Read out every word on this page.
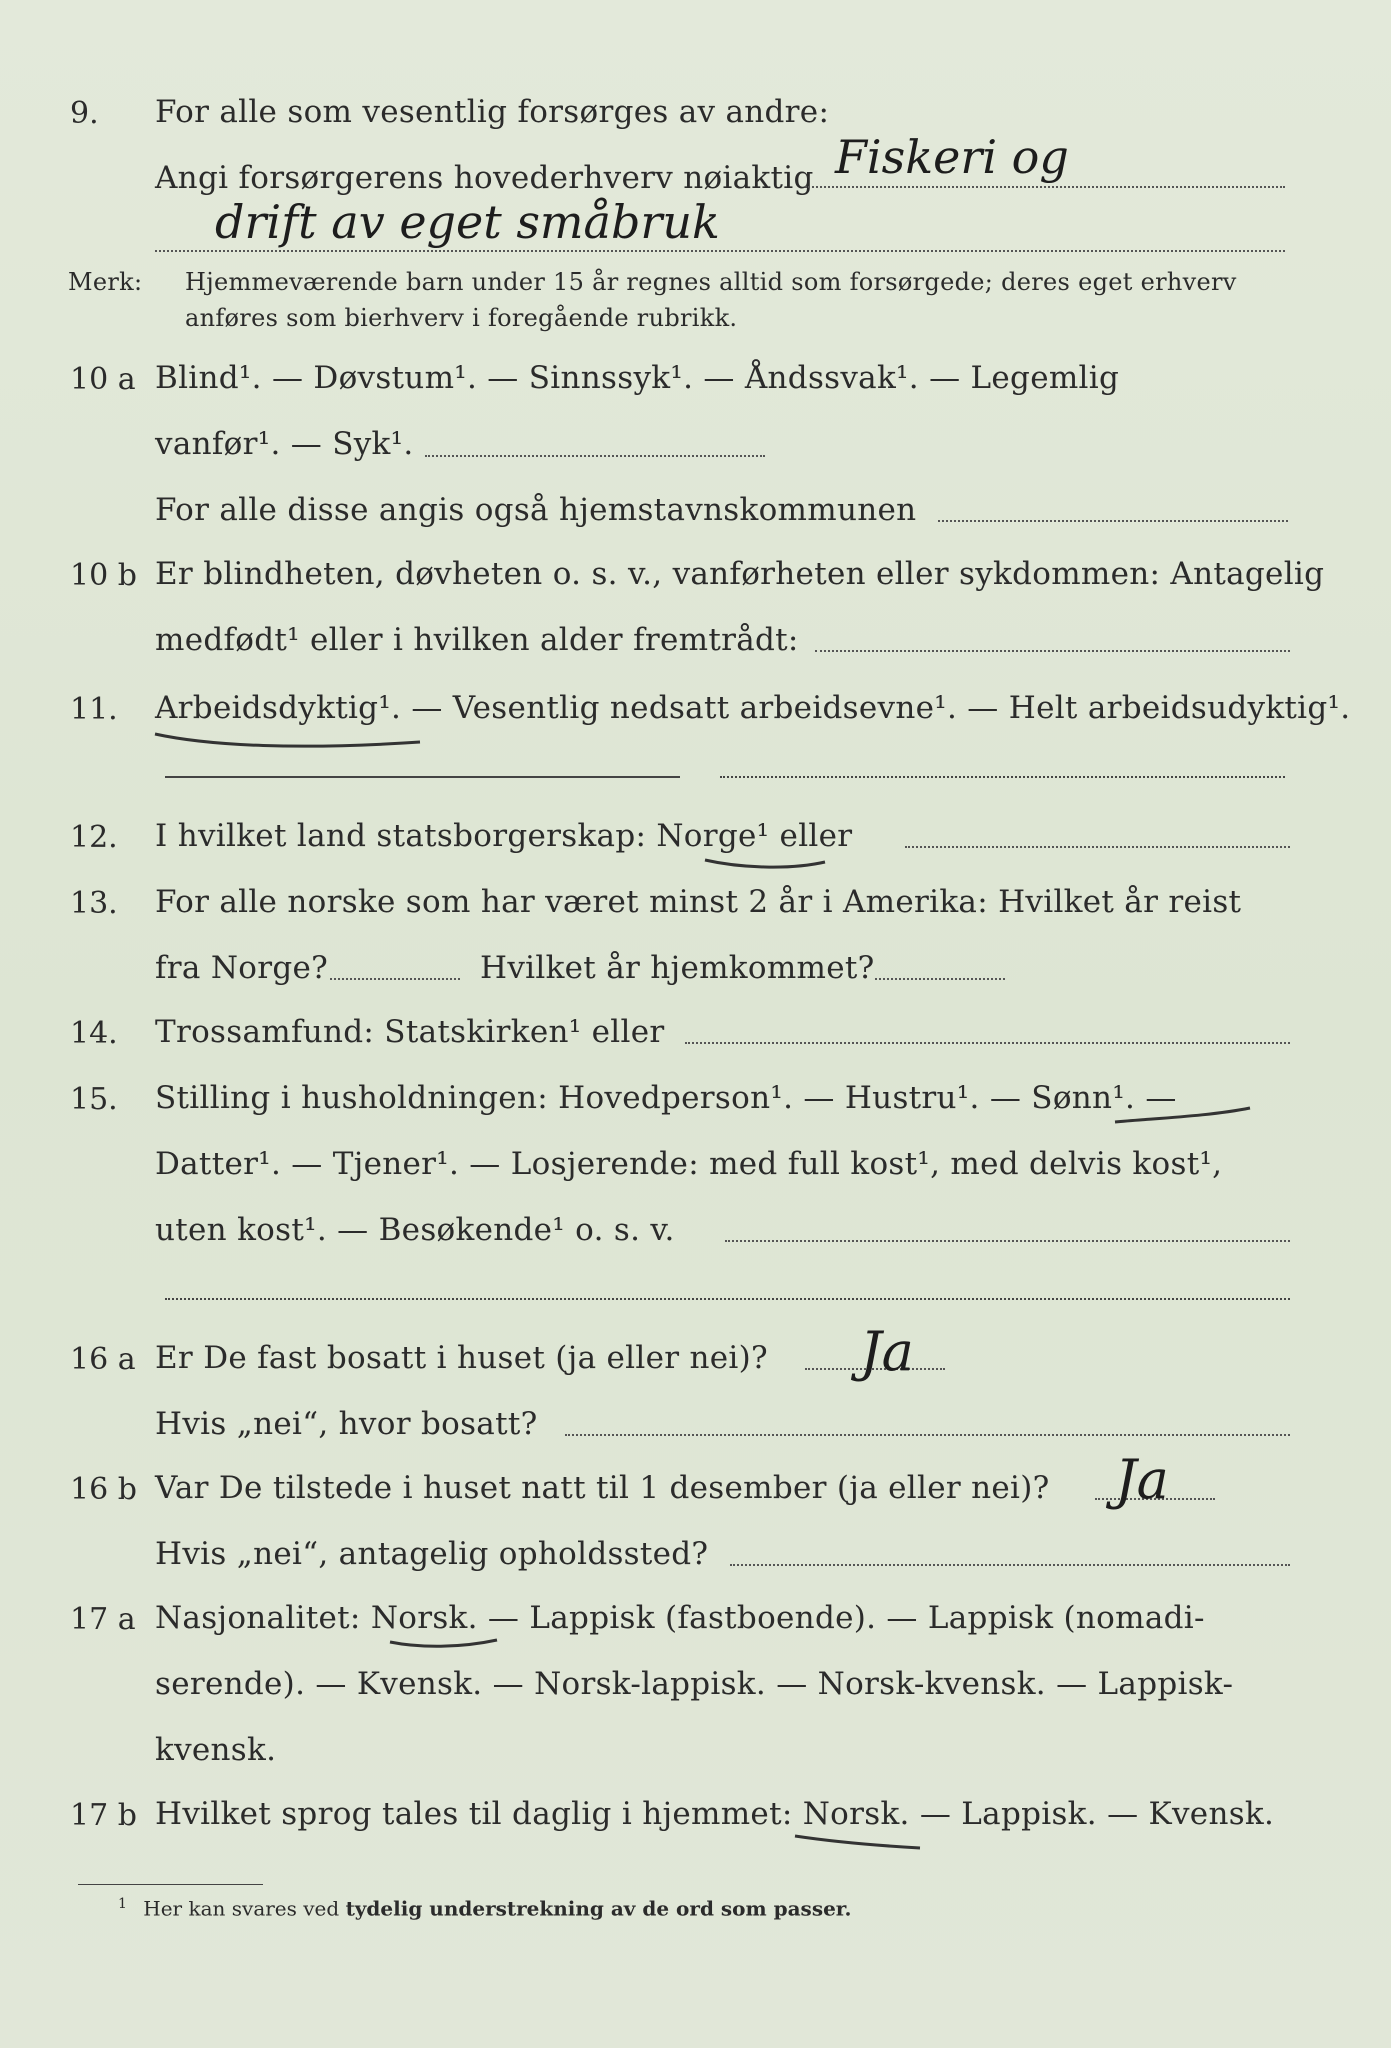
9. For alle som vesentlig forsørges av andre:
Angi forsørgerens hovederhverv nøiaktig Fiskeri og
drift av eget småbruk
Merk: Hjemmeværende barn under 15 år regnes alltid som forsørgede; deres eget erhverv
anføres som bierhverv i foregående rubrikk.
10 a Blind¹. — Døvstum¹. — Sinnssyk¹. — Åndssvak¹. — Legemlig
vanfør¹. — Syk¹.
For alle disse angis også hjemstavnskommunen
10 b Er blindheten, døvheten o. s. v., vanførheten eller sykdommen: Antagelig
medfødt¹ eller i hvilken alder fremtrådt:
11. Arbeidsdyktig¹. — Vesentlig nedsatt arbeidsevne¹. — Helt arbeidsudyktig¹.
12. I hvilket land statsborgerskap: Norge¹ eller
13. For alle norske som har været minst 2 år i Amerika: Hvilket år reist
fra Norge?	Hvilket år hjemkommet?
14. Trossamfund: Statskirken¹ eller
15. Stilling i husholdningen: Hovedperson¹. — Hustru¹. — Sønn¹. —
Datter¹. — Tjener¹. — Losjerende: med full kost¹, med delvis kost¹,
uten kost¹. — Besøkende¹ o. s. v.
16 a Er De fast bosatt i huset (ja eller nei)? Ja
Hvis „nei“, hvor bosatt?
16 b Var De tilstede i huset natt til 1 desember (ja eller nei)? Ja
Hvis „nei“, antagelig opholdssted?
17 a Nasjonalitet: Norsk. — Lappisk (fastboende). — Lappisk (nomadi-
serende). — Kvensk. — Norsk-lappisk. — Norsk-kvensk. — Lappisk-
kvensk.
17 b Hvilket sprog tales til daglig i hjemmet: Norsk. — Lappisk. — Kvensk.
$^1$ Her kan svares ved tydelig understrekning av de ord som passer.
